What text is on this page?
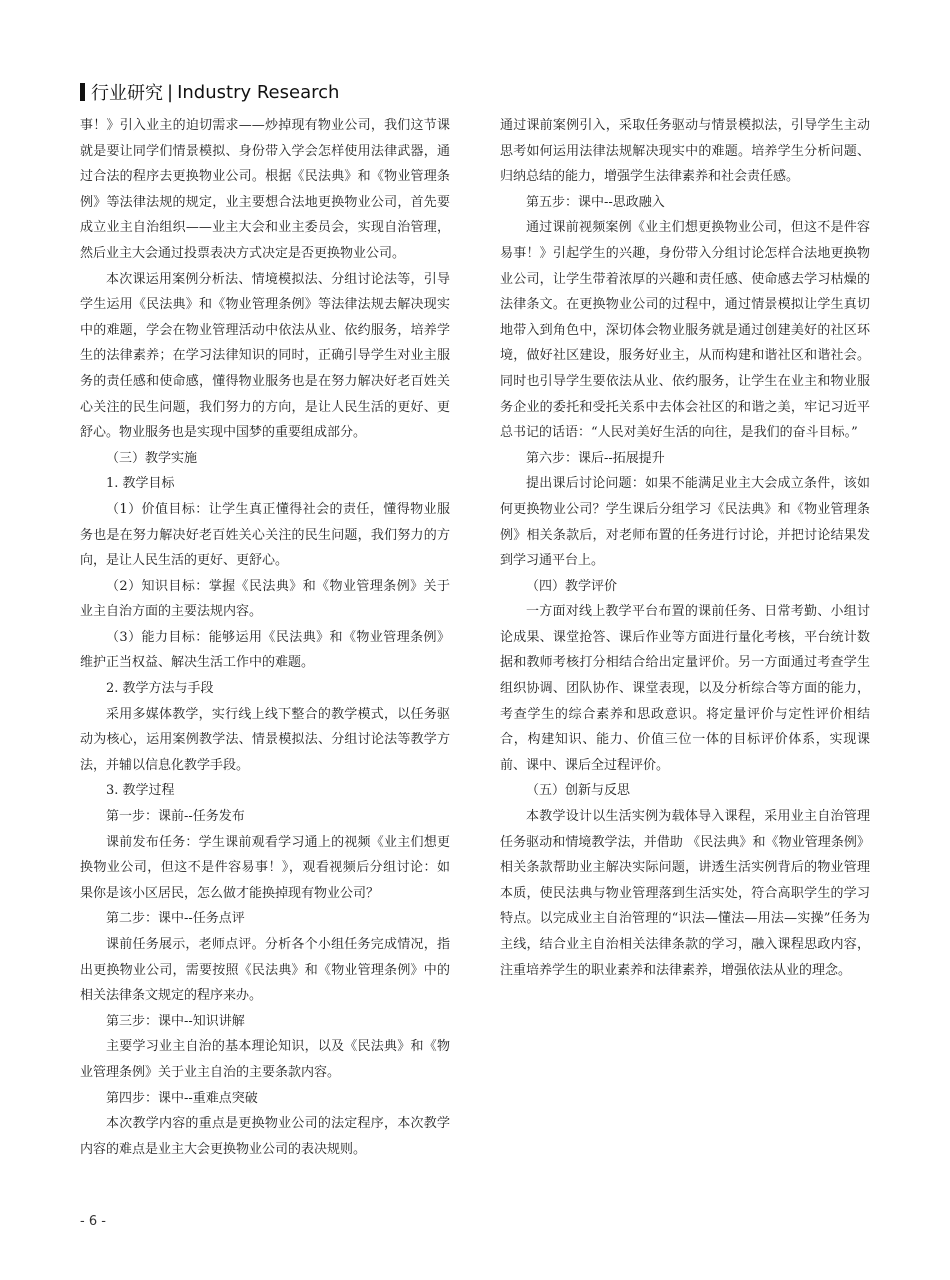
行业研究 | Industry Research

事！》引入业主的迫切需求——炒掉现有物业公司，我们这节课就是要让同学们情景模拟、身份带入学会怎样使用法律武器，通过合法的程序去更换物业公司。根据《民法典》和《物业管理条例》等法律法规的规定，业主要想合法地更换物业公司，首先要成立业主自治组织——业主大会和业主委员会，实现自治管理，然后业主大会通过投票表决方式决定是否更换物业公司。

本次课运用案例分析法、情境模拟法、分组讨论法等，引导学生运用《民法典》和《物业管理条例》等法律法规去解决现实中的难题，学会在物业管理活动中依法从业、依约服务，培养学生的法律素养；在学习法律知识的同时，正确引导学生对业主服务的责任感和使命感，懂得物业服务也是在努力解决好老百姓关心关注的民生问题，我们努力的方向，是让人民生活的更好、更舒心。物业服务也是实现中国梦的重要组成部分。

（三）教学实施

1. 教学目标

（1）价值目标：让学生真正懂得社会的责任，懂得物业服务也是在努力解决好老百姓关心关注的民生问题，我们努力的方向，是让人民生活的更好、更舒心。

（2）知识目标：掌握《民法典》和《物业管理条例》关于业主自治方面的主要法规内容。

（3）能力目标：能够运用《民法典》和《物业管理条例》维护正当权益、解决生活工作中的难题。

2. 教学方法与手段

采用多媒体教学，实行线上线下整合的教学模式，以任务驱动为核心，运用案例教学法、情景模拟法、分组讨论法等教学方法，并辅以信息化教学手段。

3. 教学过程

第一步：课前--任务发布

课前发布任务：学生课前观看学习通上的视频《业主们想更换物业公司，但这不是件容易事！》，观看视频后分组讨论：如果你是该小区居民，怎么做才能换掉现有物业公司？

第二步：课中--任务点评

课前任务展示，老师点评。分析各个小组任务完成情况，指出更换物业公司，需要按照《民法典》和《物业管理条例》中的相关法律条文规定的程序来办。

第三步：课中--知识讲解

主要学习业主自治的基本理论知识，以及《民法典》和《物业管理条例》关于业主自治的主要条款内容。

第四步：课中--重难点突破

本次教学内容的重点是更换物业公司的法定程序，本次教学内容的难点是业主大会更换物业公司的表决规则。

通过课前案例引入，采取任务驱动与情景模拟法，引导学生主动思考如何运用法律法规解决现实中的难题。培养学生分析问题、归纳总结的能力，增强学生法律素养和社会责任感。

第五步：课中--思政融入

通过课前视频案例《业主们想更换物业公司，但这不是件容易事！》引起学生的兴趣，身份带入分组讨论怎样合法地更换物业公司，让学生带着浓厚的兴趣和责任感、使命感去学习枯燥的法律条文。在更换物业公司的过程中，通过情景模拟让学生真切地带入到角色中，深切体会物业服务就是通过创建美好的社区环境，做好社区建设，服务好业主，从而构建和谐社区和谐社会。同时也引导学生要依法从业、依约服务，让学生在业主和物业服务企业的委托和受托关系中去体会社区的和谐之美，牢记习近平总书记的话语：“人民对美好生活的向往，是我们的奋斗目标。”

第六步：课后--拓展提升

提出课后讨论问题：如果不能满足业主大会成立条件，该如何更换物业公司？学生课后分组学习《民法典》和《物业管理条例》相关条款后，对老师布置的任务进行讨论，并把讨论结果发到学习通平台上。

（四）教学评价

一方面对线上教学平台布置的课前任务、日常考勤、小组讨论成果、课堂抢答、课后作业等方面进行量化考核，平台统计数据和教师考核打分相结合给出定量评价。另一方面通过考查学生组织协调、团队协作、课堂表现，以及分析综合等方面的能力，考查学生的综合素养和思政意识。将定量评价与定性评价相结合，构建知识、能力、价值三位一体的目标评价体系，实现课前、课中、课后全过程评价。

（五）创新与反思

本教学设计以生活实例为载体导入课程，采用业主自治管理任务驱动和情境教学法，并借助 《民法典》和《物业管理条例》相关条款帮助业主解决实际问题，讲透生活实例背后的物业管理本质，使民法典与物业管理落到生活实处，符合高职学生的学习特点。以完成业主自治管理的“识法—懂法—用法—实操”任务为主线，结合业主自治相关法律条款的学习，融入课程思政内容，注重培养学生的职业素养和法律素养，增强依法从业的理念。

- 6 -
